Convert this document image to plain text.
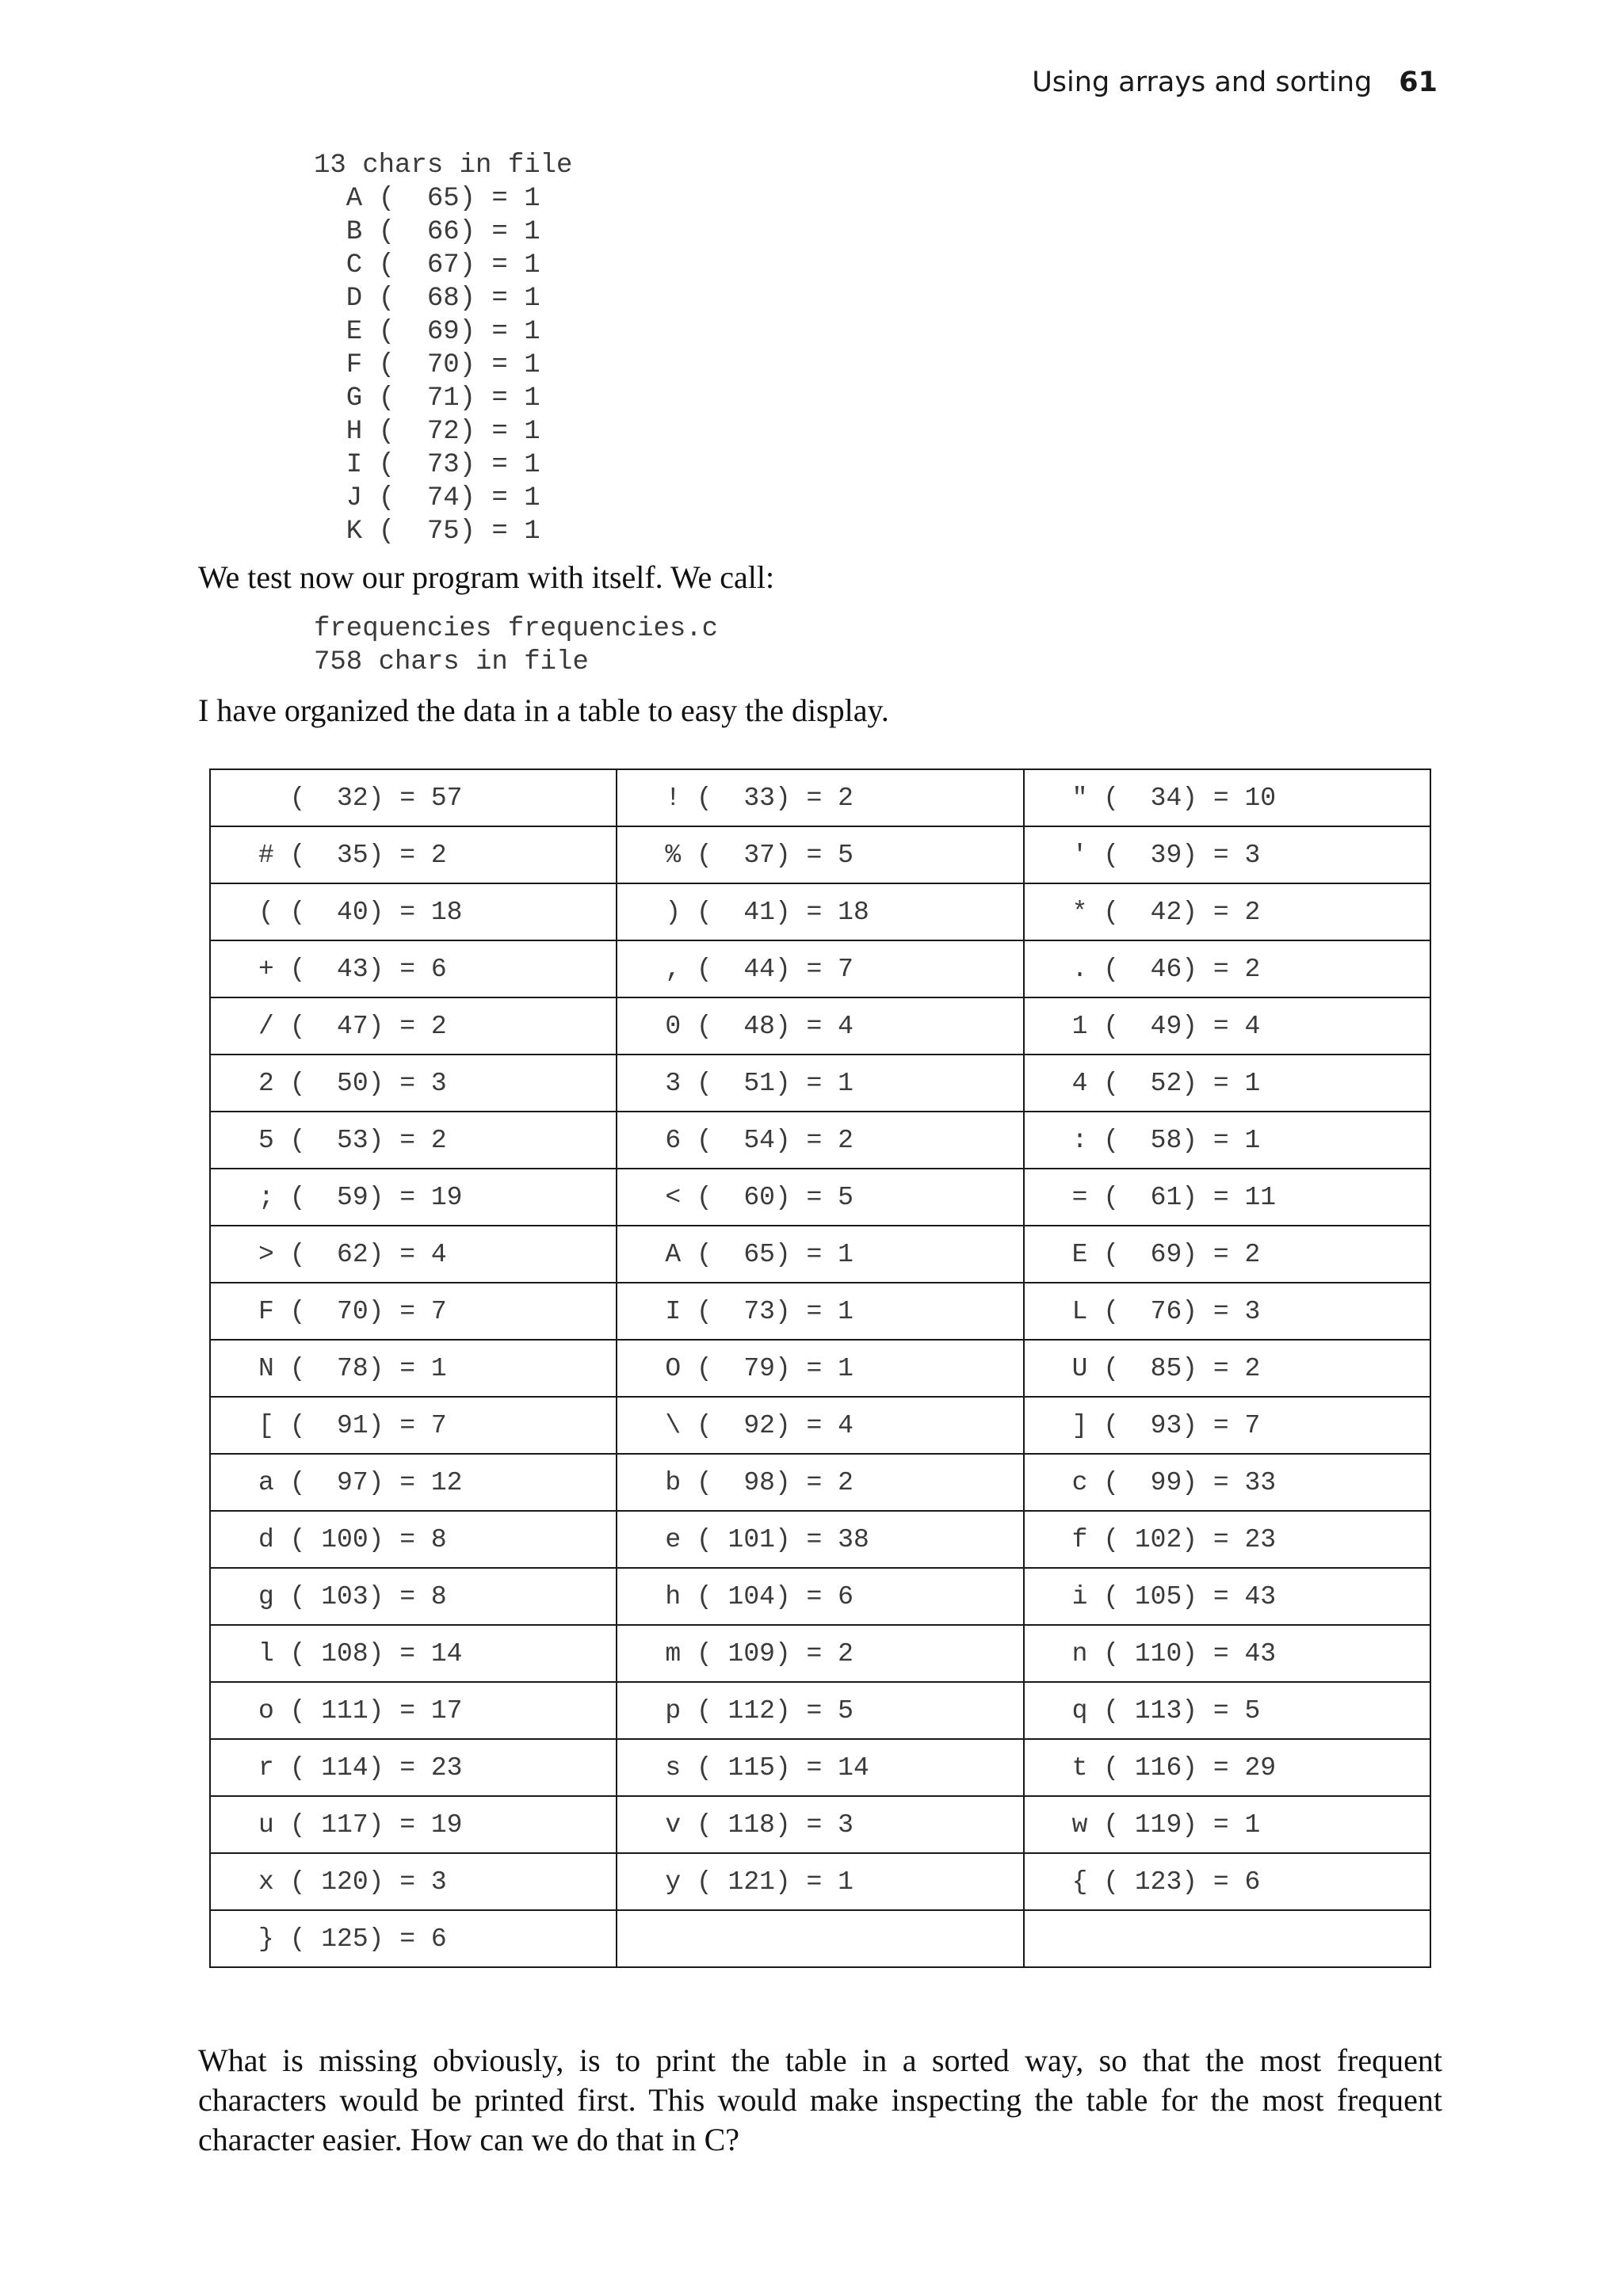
Using arrays and sorting 61
13 chars in file
A (  65) = 1
B (  66) = 1
C (  67) = 1
D (  68) = 1
E (  69) = 1
F (  70) = 1
G (  71) = 1
H (  72) = 1
I (  73) = 1
J (  74) = 1
K (  75) = 1

We test now our program with itself. We call:

frequencies frequencies.c
758 chars in file

I have organized the data in a table to easy the display.

(  32) = 57	! (  33) = 2	" (  34) = 10
# (  35) = 2	% (  37) = 5	' (  39) = 3
( (  40) = 18	) (  41) = 18	* (  42) = 2
+ (  43) = 6	, (  44) = 7	. (  46) = 2
/ (  47) = 2	0 (  48) = 4	1 (  49) = 4
2 (  50) = 3	3 (  51) = 1	4 (  52) = 1
5 (  53) = 2	6 (  54) = 2	: (  58) = 1
; (  59) = 19	< (  60) = 5	= (  61) = 11
> (  62) = 4	A (  65) = 1	E (  69) = 2
F (  70) = 7	I (  73) = 1	L (  76) = 3
N (  78) = 1	O (  79) = 1	U (  85) = 2
[ (  91) = 7	\ (  92) = 4	] (  93) = 7
a (  97) = 12	b (  98) = 2	c (  99) = 33
d ( 100) = 8	e ( 101) = 38	f ( 102) = 23
g ( 103) = 8	h ( 104) = 6	i ( 105) = 43
l ( 108) = 14	m ( 109) = 2	n ( 110) = 43
o ( 111) = 17	p ( 112) = 5	q ( 113) = 5
r ( 114) = 23	s ( 115) = 14	t ( 116) = 29
u ( 117) = 19	v ( 118) = 3	w ( 119) = 1
x ( 120) = 3	y ( 121) = 1	{ ( 123) = 6
} ( 125) = 6		

What is missing obviously, is to print the table in a sorted way, so that the most frequent characters would be printed first. This would make inspecting the table for the most frequent character easier. How can we do that in C?
